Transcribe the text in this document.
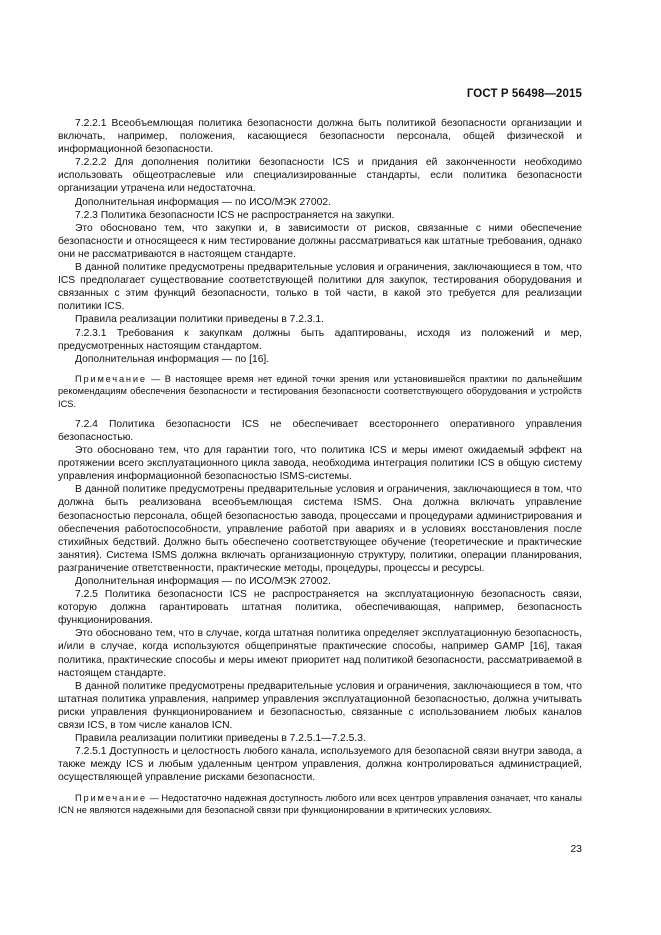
ГОСТ Р 56498—2015

7.2.2.1 Всеобъемлющая политика безопасности должна быть политикой безопасности организации и включать, например, положения, касающиеся безопасности персонала, общей физической и информационной безопасности.

7.2.2.2 Для дополнения политики безопасности ICS и придания ей законченности необходимо использовать общеотраслевые или специализированные стандарты, если политика безопасности организации утрачена или недостаточна.

Дополнительная информация — по ИСО/МЭК 27002.

7.2.3 Политика безопасности ICS не распространяется на закупки.

Это обосновано тем, что закупки и, в зависимости от рисков, связанные с ними обеспечение безопасности и относящееся к ним тестирование должны рассматриваться как штатные требования, однако они не рассматриваются в настоящем стандарте.

В данной политике предусмотрены предварительные условия и ограничения, заключающиеся в том, что ICS предполагает существование соответствующей политики для закупок, тестирования оборудования и связанных с этим функций безопасности, только в той части, в какой это требуется для реализации политики ICS.

Правила реализации политики приведены в 7.2.3.1.

7.2.3.1 Требования к закупкам должны быть адаптированы, исходя из положений и мер, предусмотренных настоящим стандартом.

Дополнительная информация — по [16].

Примечание — В настоящее время нет единой точки зрения или установившейся практики по дальнейшим рекомендациям обеспечения безопасности и тестирования безопасности соответствующего оборудования и устройств ICS.

7.2.4 Политика безопасности ICS не обеспечивает всестороннего оперативного управления безопасностью.

Это обосновано тем, что для гарантии того, что политика ICS и меры имеют ожидаемый эффект на протяжении всего эксплуатационного цикла завода, необходима интеграция политики ICS в общую систему управления информационной безопасностью ISMS-системы.

В данной политике предусмотрены предварительные условия и ограничения, заключающиеся в том, что должна быть реализована всеобъемлющая система ISMS. Она должна включать управление безопасностью персонала, общей безопасностью завода, процессами и процедурами администрирования и обеспечения работоспособности, управление работой при авариях и в условиях восстановления после стихийных бедствий. Должно быть обеспечено соответствующее обучение (теоретические и практические занятия). Система ISMS должна включать организационную структуру, политики, операции планирования, разграничение ответственности, практические методы, процедуры, процессы и ресурсы.

Дополнительная информация — по ИСО/МЭК 27002.

7.2.5 Политика безопасности ICS не распространяется на эксплуатационную безопасность связи, которую должна гарантировать штатная политика, обеспечивающая, например, безопасность функционирования.

Это обосновано тем, что в случае, когда штатная политика определяет эксплуатационную безопасность, и/или в случае, когда используются общепринятые практические способы, например GAMP [16], такая политика, практические способы и меры имеют приоритет над политикой безопасности, рассматриваемой в настоящем стандарте.

В данной политике предусмотрены предварительные условия и ограничения, заключающиеся в том, что штатная политика управления, например управления эксплуатационной безопасностью, должна учитывать риски управления функционированием и безопасностью, связанные с использованием любых каналов связи ICS, в том числе каналов ICN.

Правила реализации политики приведены в 7.2.5.1—7.2.5.3.

7.2.5.1 Доступность и целостность любого канала, используемого для безопасной связи внутри завода, а также между ICS и любым удаленным центром управления, должна контролироваться администрацией, осуществляющей управление рисками безопасности.

Примечание — Недостаточно надежная доступность любого или всех центров управления означает, что каналы ICN не являются надежными для безопасной связи при функционировании в критических условиях.

23
